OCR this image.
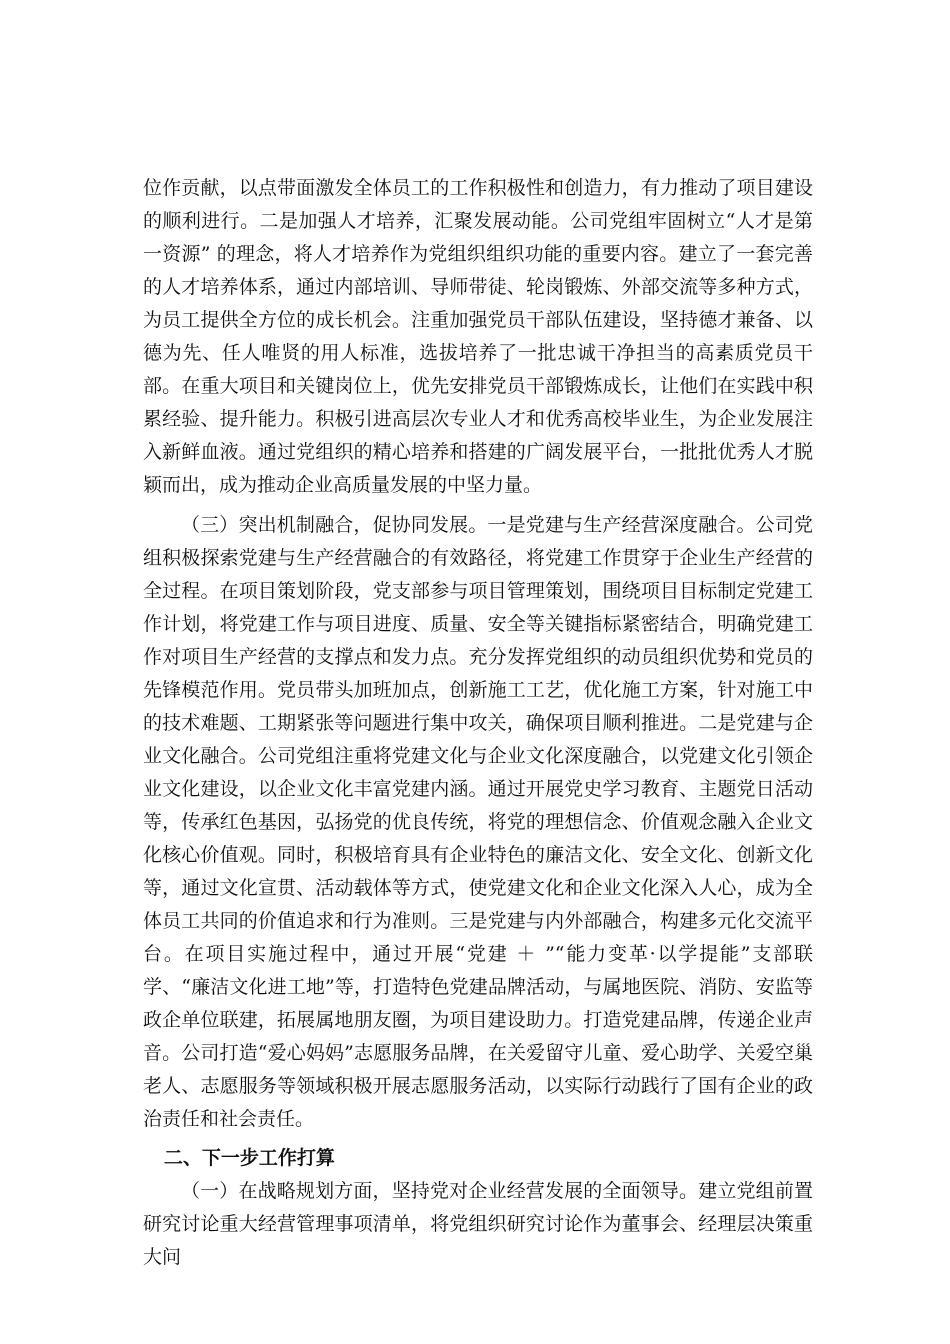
位作贡献，以点带面激发全体员工的工作积极性和创造力，有力推动了项目建设的顺利进行。二是加强人才培养，汇聚发展动能。公司党组牢固树立“人才是第一资源” 的理念，将人才培养作为党组织组织功能的重要内容。建立了一套完善的人才培养体系，通过内部培训、导师带徒、轮岗锻炼、外部交流等多种方式，为员工提供全方位的成长机会。注重加强党员干部队伍建设，坚持德才兼备、以德为先、任人唯贤的用人标准，选拔培养了一批忠诚干净担当的高素质党员干部。在重大项目和关键岗位上，优先安排党员干部锻炼成长，让他们在实践中积累经验、提升能力。积极引进高层次专业人才和优秀高校毕业生，为企业发展注入新鲜血液。通过党组织的精心培养和搭建的广阔发展平台，一批批优秀人才脱颖而出，成为推动企业高质量发展的中坚力量。

（三）突出机制融合，促协同发展。一是党建与生产经营深度融合。公司党组积极探索党建与生产经营融合的有效路径，将党建工作贯穿于企业生产经营的全过程。在项目策划阶段，党支部参与项目管理策划，围绕项目目标制定党建工作计划，将党建工作与项目进度、质量、安全等关键指标紧密结合，明确党建工作对项目生产经营的支撑点和发力点。充分发挥党组织的动员组织优势和党员的先锋模范作用。党员带头加班加点，创新施工工艺，优化施工方案，针对施工中的技术难题、工期紧张等问题进行集中攻关，确保项目顺利推进。二是党建与企业文化融合。公司党组注重将党建文化与企业文化深度融合，以党建文化引领企业文化建设，以企业文化丰富党建内涵。通过开展党史学习教育、主题党日活动等，传承红色基因，弘扬党的优良传统，将党的理想信念、价值观念融入企业文化核心价值观。同时，积极培育具有企业特色的廉洁文化、安全文化、创新文化等，通过文化宣贯、活动载体等方式，使党建文化和企业文化深入人心，成为全体员工共同的价值追求和行为准则。三是党建与内外部融合，构建多元化交流平台。在项目实施过程中，通过开展“党建 ＋ ”“能力变革·以学提能”支部联学、“廉洁文化进工地”等，打造特色党建品牌活动，与属地医院、消防、安监等政企单位联建，拓展属地朋友圈，为项目建设助力。打造党建品牌，传递企业声音。公司打造“爱心妈妈”志愿服务品牌，在关爱留守儿童、爱心助学、关爱空巢老人、志愿服务等领域积极开展志愿服务活动，以实际行动践行了国有企业的政治责任和社会责任。

二、下一步工作打算

（一）在战略规划方面，坚持党对企业经营发展的全面领导。建立党组前置研究讨论重大经营管理事项清单，将党组织研究讨论作为董事会、经理层决策重大问
